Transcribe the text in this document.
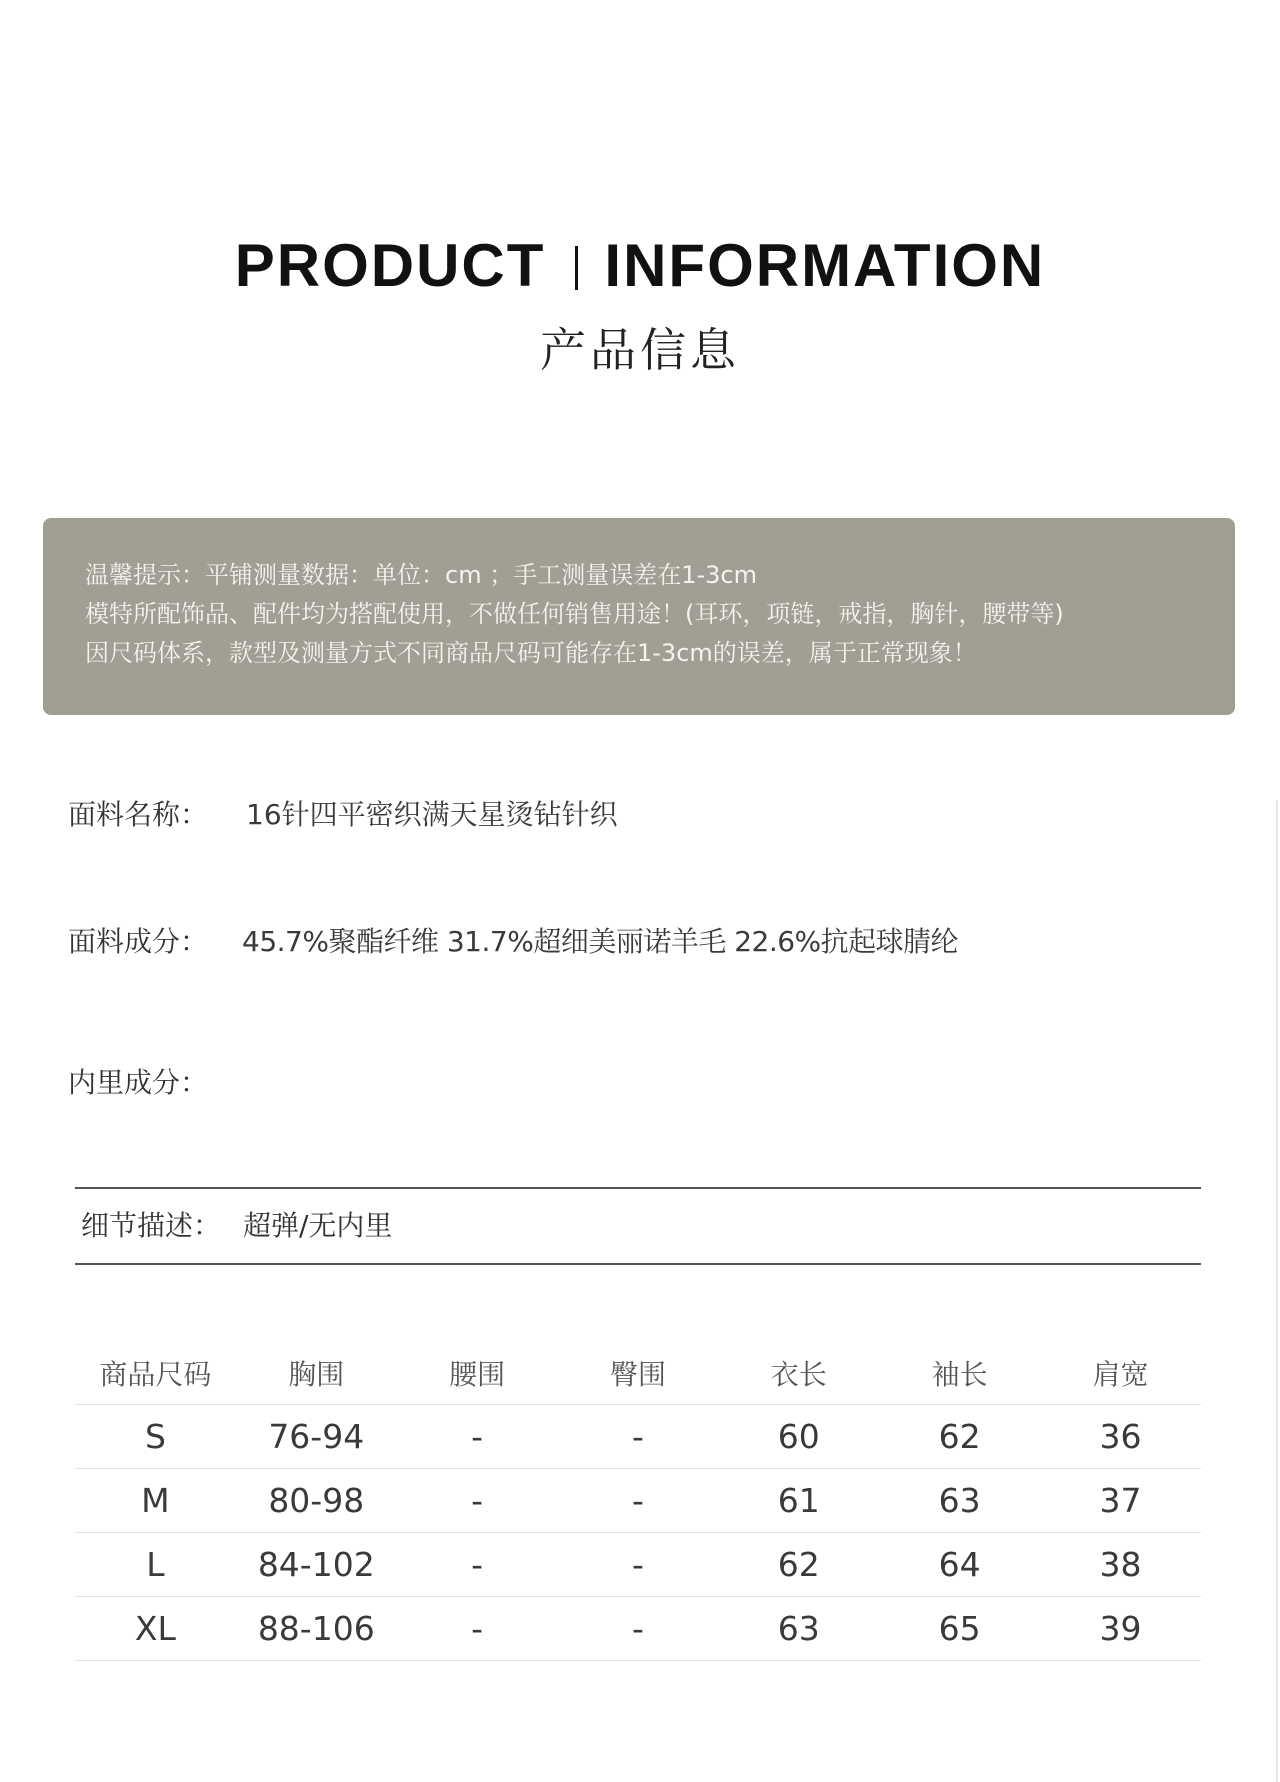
PRODUCT INFORMATION
产品信息

温馨提示：平铺测量数据：单位：cm ；手工测量误差在1-3cm

模特所配饰品、配件均为搭配使用，不做任何销售用途！(耳环，项链，戒指，胸针，腰带等)

因尺码体系，款型及测量方式不同商品尺码可能存在1-3cm的误差，属于正常现象！

面料名称： 16针四平密织满天星烫钻针织
面料成分： 45.7%聚酯纤维 31.7%超细美丽诺羊毛 22.6%抗起球腈纶
内里成分：
细节描述： 超弹/无内里
商品尺码	胸围	腰围	臀围	衣长	袖长	肩宽
S	76-94	-	-	60	62	36
M	80-98	-	-	61	63	37
L	84-102	-	-	62	64	38
XL	88-106	-	-	63	65	39
